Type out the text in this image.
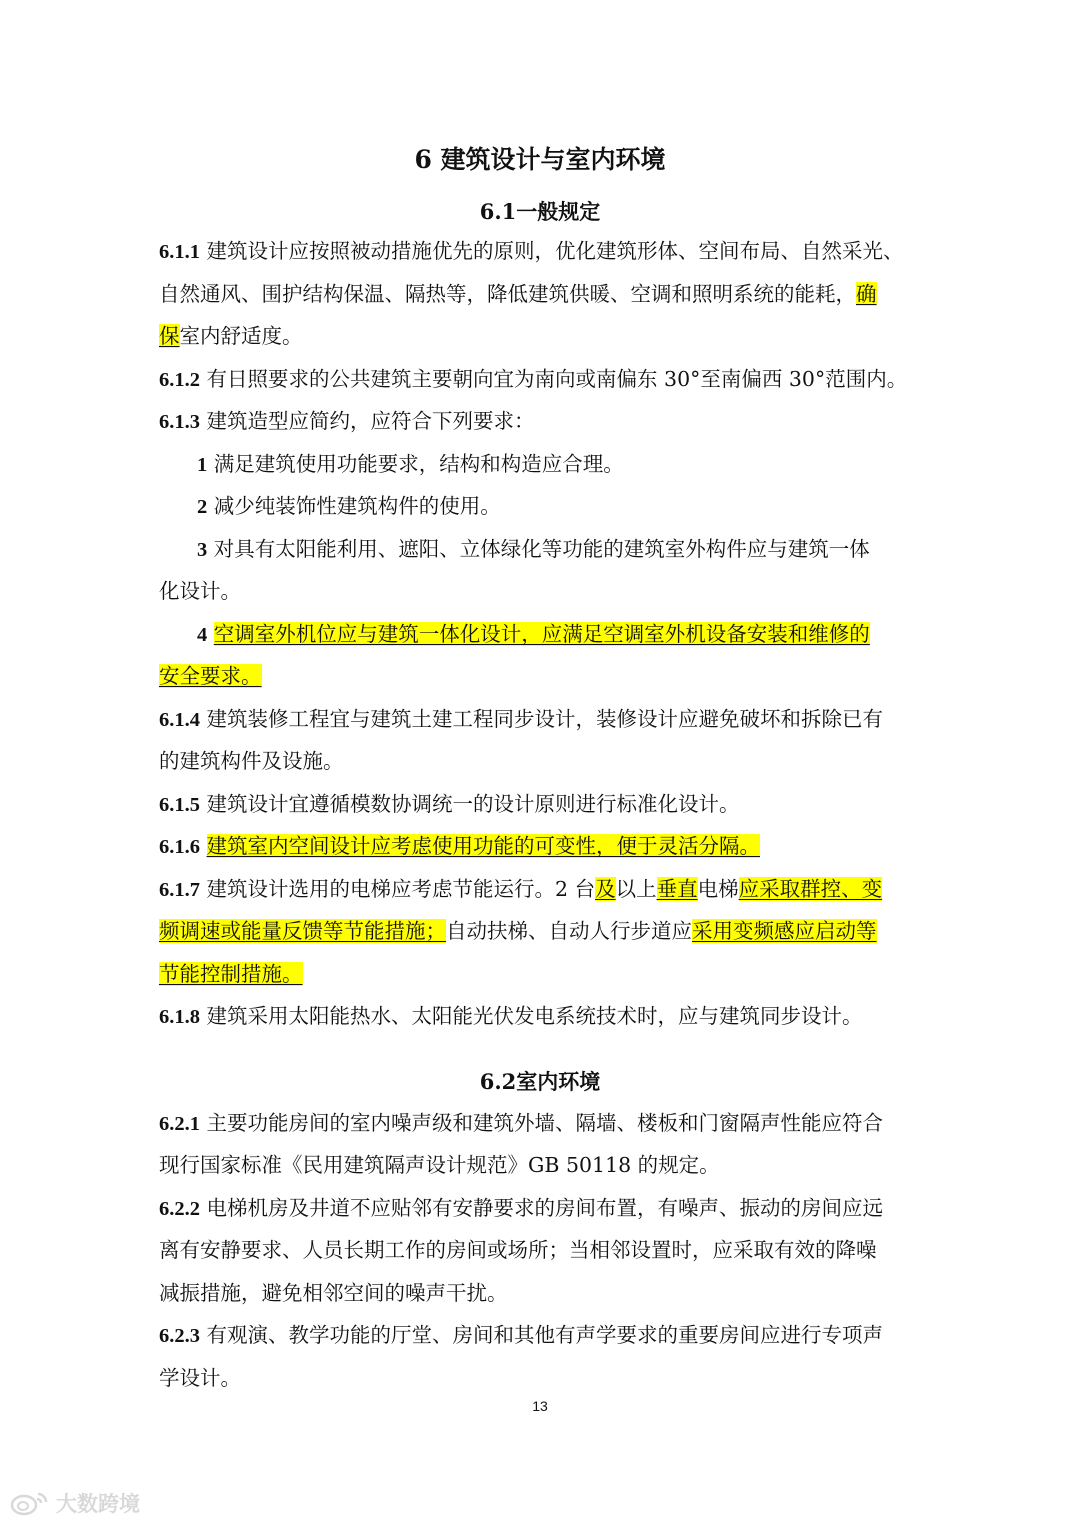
6 建筑设计与室内环境
6.1一般规定
6.1.1 建筑设计应按照被动措施优先的原则，优化建筑形体、空间布局、自然采光、
自然通风、围护结构保温、隔热等，降低建筑供暖、空调和照明系统的能耗，确
保室内舒适度。
6.1.2 有日照要求的公共建筑主要朝向宜为南向或南偏东 30°至南偏西 30°范围内。
6.1.3 建筑造型应简约，应符合下列要求：
1 满足建筑使用功能要求，结构和构造应合理。
2 减少纯装饰性建筑构件的使用。
3 对具有太阳能利用、遮阳、立体绿化等功能的建筑室外构件应与建筑一体
化设计。
4 空调室外机位应与建筑一体化设计，应满足空调室外机设备安装和维修的
安全要求。
6.1.4 建筑装修工程宜与建筑土建工程同步设计，装修设计应避免破坏和拆除已有
的建筑构件及设施。
6.1.5 建筑设计宜遵循模数协调统一的设计原则进行标准化设计。
6.1.6 建筑室内空间设计应考虑使用功能的可变性，便于灵活分隔。
6.1.7 建筑设计选用的电梯应考虑节能运行。2 台及以上垂直电梯应采取群控、变
频调速或能量反馈等节能措施；自动扶梯、自动人行步道应采用变频感应启动等
节能控制措施。
6.1.8 建筑采用太阳能热水、太阳能光伏发电系统技术时，应与建筑同步设计。
6.2室内环境
6.2.1 主要功能房间的室内噪声级和建筑外墙、隔墙、楼板和门窗隔声性能应符合
现行国家标准《民用建筑隔声设计规范》GB 50118 的规定。
6.2.2 电梯机房及井道不应贴邻有安静要求的房间布置，有噪声、振动的房间应远
离有安静要求、人员长期工作的房间或场所；当相邻设置时，应采取有效的降噪
减振措施，避免相邻空间的噪声干扰。
6.2.3 有观演、教学功能的厅堂、房间和其他有声学要求的重要房间应进行专项声
学设计。
13
大数跨境
